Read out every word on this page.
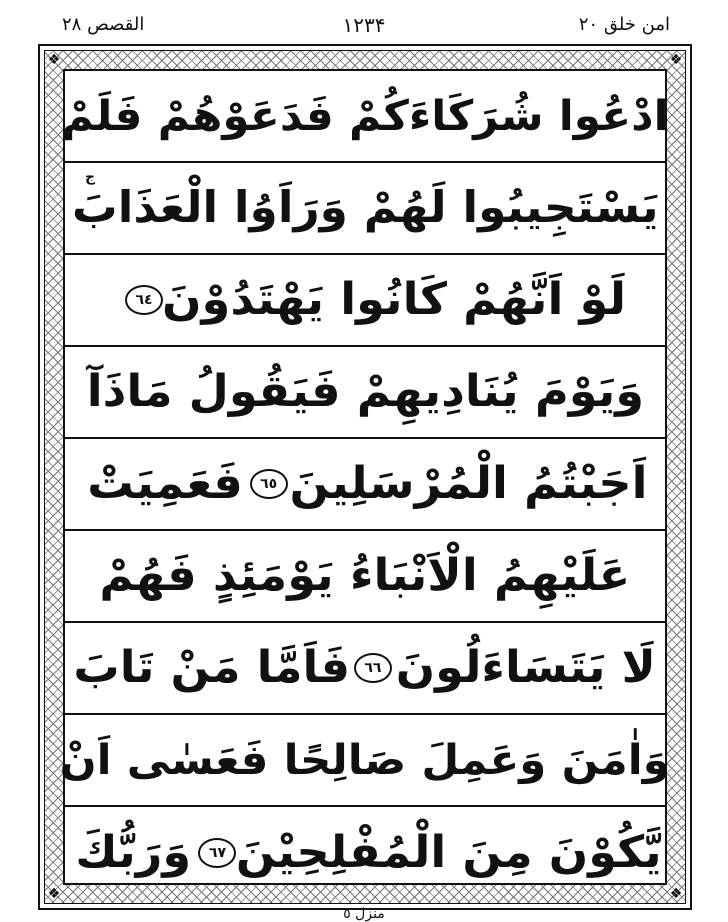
القصص ٢٨	۱۲۳۴	امن خلق ۲۰
❖	❖
❖	❖
ادْعُوا شُرَكَاءَكُمْ فَدَعَوْهُمْ فَلَمْ
ج
يَسْتَجِيبُوا لَهُمْ وَرَاَوُا الْعَذَابَ
لَوْ اَنَّهُمْ كَانُوا يَهْتَدُوْنَ
٦٤
وَيَوْمَ يُنَادِيهِمْ فَيَقُولُ مَاذَآ
اَجَبْتُمُ الْمُرْسَلِينَ
٦٥
فَعَمِيَتْ
عَلَيْهِمُ الْاَنْبَاءُ يَوْمَئِذٍ فَهُمْ
لَا يَتَسَاءَلُونَ
٦٦
فَاَمَّا مَنْ تَابَ
وَاٰمَنَ وَعَمِلَ صَالِحًا فَعَسٰى اَنْ
يَّكُوْنَ مِنَ الْمُفْلِحِيْنَ
٦٧
وَرَبُّكَ
منزل ٥
